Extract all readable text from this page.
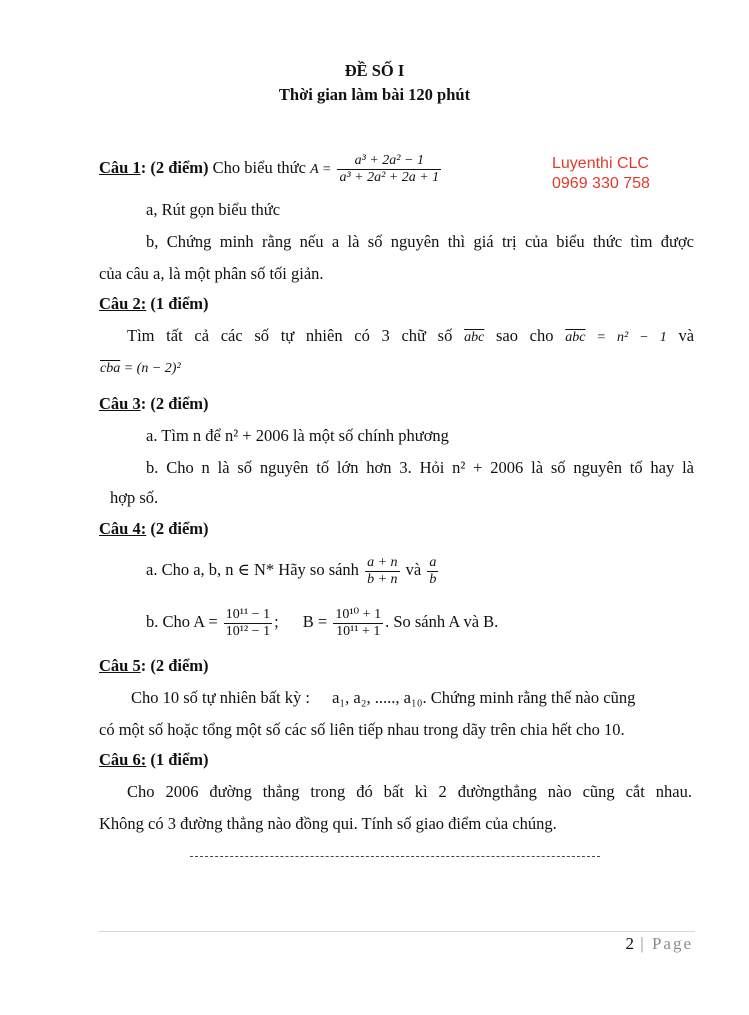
ĐỀ SỐ I
Thời gian làm bài 120 phút
Luyenthi CLC
0969 330 758
Câu 1: (2 điểm) Cho biểu thức $A = \frac{\text{a³ + 2a² − 1}}{\text{a³ + 2a² + 2a + 1}}$
a, Rút gọn biểu thức
b, Chứng minh rằng nếu a là số nguyên thì giá trị của biểu thức tìm được
của câu a, là một phân số tối giản.
Câu 2: (1 điểm)
Tìm tất cả các số tự nhiên có 3 chữ số $\overline{abc}$ sao cho $\overline{abc} = n^2 - 1$ và
$\overline{cba} = (n - 2)^2$
Câu 3: (2 điểm)
a. Tìm n để n² + 2006 là một số chính phương
b. Cho n là số nguyên tố lớn hơn 3. Hỏi n² + 2006 là số nguyên tố hay là
hợp số.
Câu 4: (2 điểm)
a. Cho a, b, n ∈ N* Hãy so sánh $\frac{a + n}{b + n}$ và $\frac{a}{b}$
b. Cho $A = \frac{\text{10¹¹ − 1}}{\text{10¹² − 1}}$ ; $B = \frac{\text{10¹⁰ + 1}}{\text{10¹¹ + 1}}$ . So sánh A và B.
Câu 5: (2 điểm)
Cho 10 số tự nhiên bất kỳ : a₁, a₂, ....., a₁₀. Chứng minh rằng thế nào cũng
có một số hoặc tổng một số các số liên tiếp nhau trong dãy trên chia hết cho 10.
Câu 6: (1 điểm)
Cho 2006 đường thẳng trong đó bất kì 2 đườngthẳng nào cũng cắt nhau.
Không có 3 đường thẳng nào đồng qui. Tính số giao điểm của chúng.
2 | Page
